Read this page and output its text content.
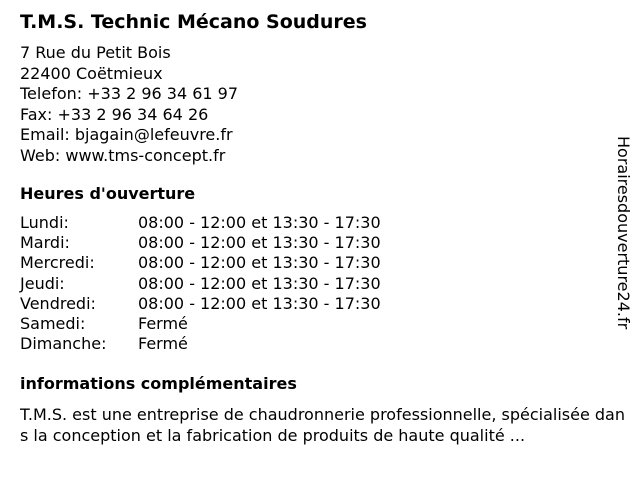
T.M.S. Technic Mécano Soudures
7 Rue du Petit Bois
22400 Coëtmieux
Telefon: +33 2 96 34 61 97
Fax: +33 2 96 34 64 26
Email: bjagain@lefeuvre.fr
Web: www.tms-concept.fr
Heures d'ouverture
Lundi:	08:00 - 12:00 et 13:30 - 17:30
Mardi:	08:00 - 12:00 et 13:30 - 17:30
Mercredi:	08:00 - 12:00 et 13:30 - 17:30
Jeudi:	08:00 - 12:00 et 13:30 - 17:30
Vendredi:	08:00 - 12:00 et 13:30 - 17:30
Samedi:	Fermé
Dimanche: Fermé
informations complémentaires
T.M.S. est une entreprise de chaudronnerie professionnelle, spécialisée dans la conception et la fabrication de produits de haute qualité ...
Horairesdouverture24.fr
